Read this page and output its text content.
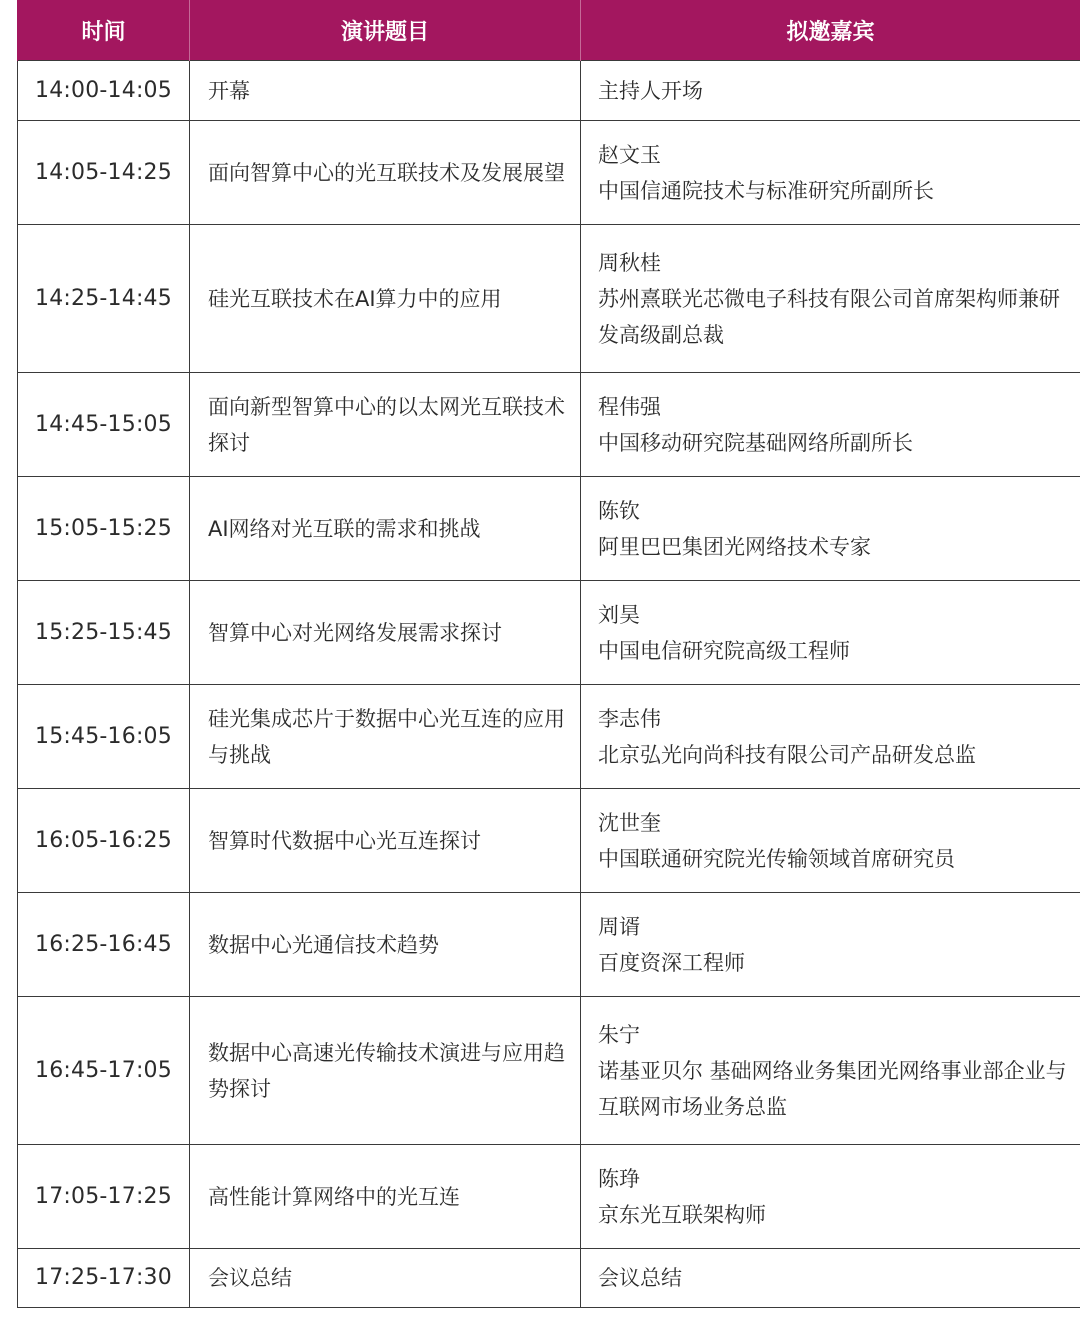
时间	演讲题目	拟邀嘉宾
14:00-14:05	开幕	主持人开场

14:05-14:25	面向智算中心的光互联技术及发展展望	赵文玉
中国信通院技术与标准研究所副所长

14:25-14:45	硅光互联技术在AI算力中的应用	周秋桂
苏州熹联光芯微电子科技有限公司首席架构师兼研发高级副总裁

14:45-15:05	面向新型智算中心的以太网光互联技术探讨	程伟强
中国移动研究院基础网络所副所长

15:05-15:25	AI网络对光互联的需求和挑战	陈钦
阿里巴巴集团光网络技术专家

15:25-15:45	智算中心对光网络发展需求探讨	刘昊
中国电信研究院高级工程师

15:45-16:05	硅光集成芯片于数据中心光互连的应用与挑战	李志伟
北京弘光向尚科技有限公司产品研发总监

16:05-16:25	智算时代数据中心光互连探讨	沈世奎
中国联通研究院光传输领域首席研究员

16:25-16:45	数据中心光通信技术趋势	周谞
百度资深工程师

16:45-17:05	数据中心高速光传输技术演进与应用趋势探讨	朱宁
诺基亚贝尔 基础网络业务集团光网络事业部企业与互联网市场业务总监

17:05-17:25	高性能计算网络中的光互连	陈琤
京东光互联架构师

17:25-17:30	会议总结	会议总结
